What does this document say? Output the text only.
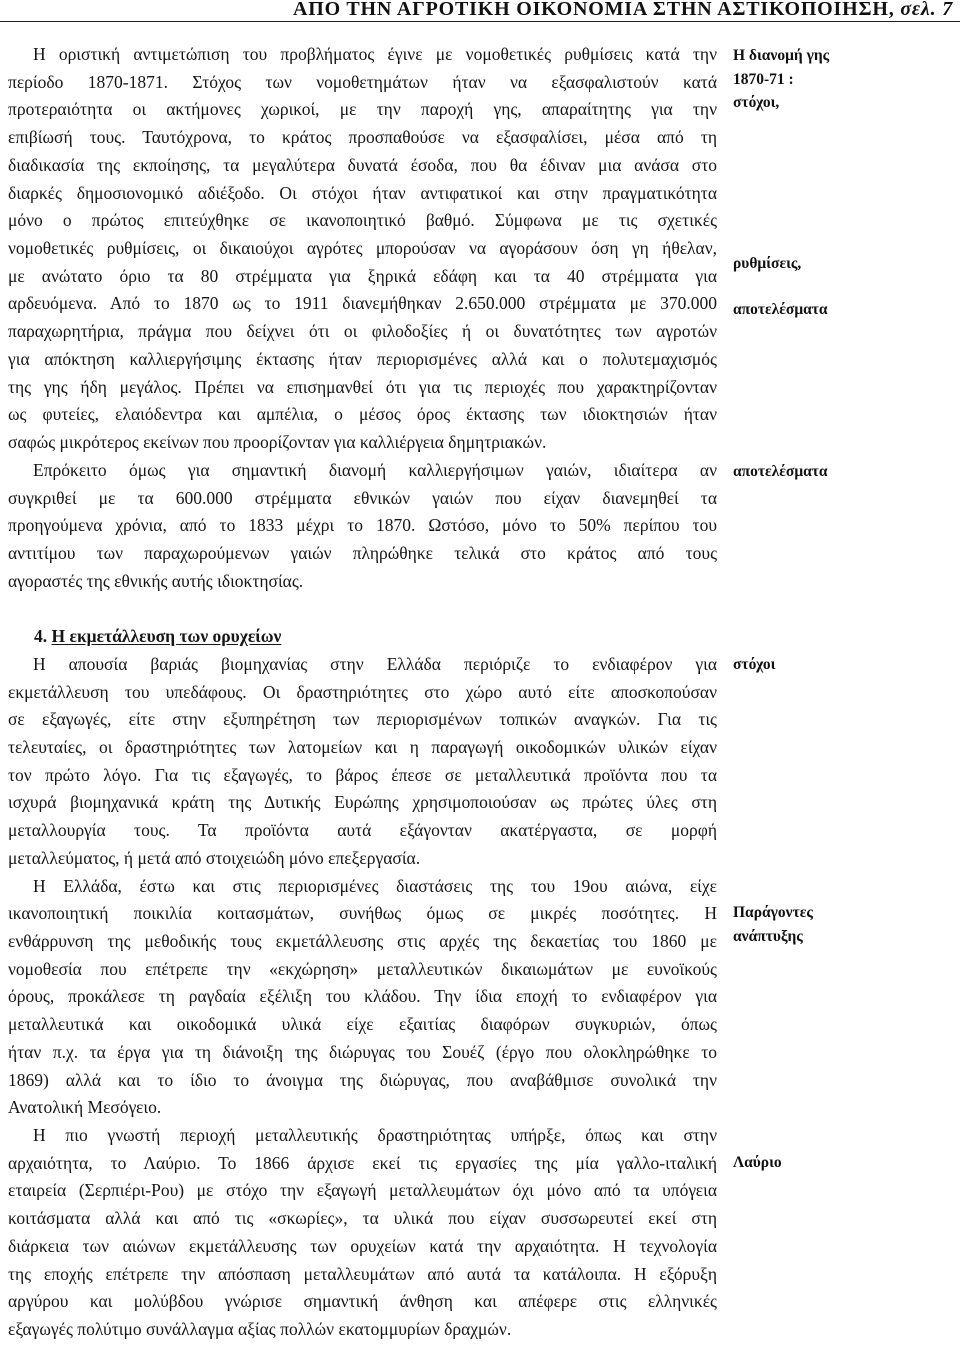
ΑΠΟ ΤΗΝ ΑΓΡΟΤΙΚΗ ΟΙΚΟΝΟΜΙΑ ΣΤΗΝ ΑΣΤΙΚΟΠΟΙΗΣΗ, σελ. 7
Η οριστική αντιμετώπιση του προβλήματος έγινε με νομοθετικές ρυθμίσεις κατά την
περίοδο 1870-1871. Στόχος των νομοθετημάτων ήταν να εξασφαλιστούν κατά
προτεραιότητα οι ακτήμονες χωρικοί, με την παροχή γης, απαραίτητης για την
επιβίωσή τους. Ταυτόχρονα, το κράτος προσπαθούσε να εξασφαλίσει, μέσα από τη
διαδικασία της εκποίησης, τα μεγαλύτερα δυνατά έσοδα, που θα έδιναν μια ανάσα στο
διαρκές δημοσιονομικό αδιέξοδο. Οι στόχοι ήταν αντιφατικοί και στην πραγματικότητα
μόνο ο πρώτος επιτεύχθηκε σε ικανοποιητικό βαθμό. Σύμφωνα με τις σχετικές
νομοθετικές ρυθμίσεις, οι δικαιούχοι αγρότες μπορούσαν να αγοράσουν όση γη ήθελαν,
με ανώτατο όριο τα 80 στρέμματα για ξηρικά εδάφη και τα 40 στρέμματα για
αρδευόμενα. Από το 1870 ως το 1911 διανεμήθηκαν 2.650.000 στρέμματα με 370.000
παραχωρητήρια, πράγμα που δείχνει ότι οι φιλοδοξίες ή οι δυνατότητες των αγροτών
για απόκτηση καλλιεργήσιμης έκτασης ήταν περιορισμένες αλλά και ο πολυτεμαχισμός
της γης ήδη μεγάλος. Πρέπει να επισημανθεί ότι για τις περιοχές που χαρακτηρίζονταν
ως φυτείες, ελαιόδεντρα και αμπέλια, ο μέσος όρος έκτασης των ιδιοκτησιών ήταν
σαφώς μικρότερος εκείνων που προορίζονταν για καλλιέργεια δημητριακών.
Επρόκειτο όμως για σημαντική διανομή καλλιεργήσιμων γαιών, ιδιαίτερα αν
συγκριθεί με τα 600.000 στρέμματα εθνικών γαιών που είχαν διανεμηθεί τα
προηγούμενα χρόνια, από το 1833 μέχρι το 1870. Ωστόσο, μόνο το 50% περίπου του
αντιτίμου των παραχωρούμενων γαιών πληρώθηκε τελικά στο κράτος από τους
αγοραστές της εθνικής αυτής ιδιοκτησίας.
4. Η εκμετάλλευση των ορυχείων
Η απουσία βαριάς βιομηχανίας στην Ελλάδα περιόριζε το ενδιαφέρον για
εκμετάλλευση του υπεδάφους. Οι δραστηριότητες στο χώρο αυτό είτε αποσκοπούσαν
σε εξαγωγές, είτε στην εξυπηρέτηση των περιορισμένων τοπικών αναγκών. Για τις
τελευταίες, οι δραστηριότητες των λατομείων και η παραγωγή οικοδομικών υλικών είχαν
τον πρώτο λόγο. Για τις εξαγωγές, το βάρος έπεσε σε μεταλλευτικά προϊόντα που τα
ισχυρά βιομηχανικά κράτη της Δυτικής Ευρώπης χρησιμοποιούσαν ως πρώτες ύλες στη
μεταλλουργία τους. Τα προϊόντα αυτά εξάγονταν ακατέργαστα, σε μορφή
μεταλλεύματος, ή μετά από στοιχειώδη μόνο επεξεργασία.
Η Ελλάδα, έστω και στις περιορισμένες διαστάσεις της του 19ου αιώνα, είχε
ικανοποιητική ποικιλία κοιτασμάτων, συνήθως όμως σε μικρές ποσότητες. Η
ενθάρρυνση της μεθοδικής τους εκμετάλλευσης στις αρχές της δεκαετίας του 1860 με
νομοθεσία που επέτρεπε την «εκχώρηση» μεταλλευτικών δικαιωμάτων με ευνοϊκούς
όρους, προκάλεσε τη ραγδαία εξέλιξη του κλάδου. Την ίδια εποχή το ενδιαφέρον για
μεταλλευτικά και οικοδομικά υλικά είχε εξαιτίας διαφόρων συγκυριών, όπως
ήταν π.χ. τα έργα για τη διάνοιξη της διώρυγας του Σουέζ (έργο που ολοκληρώθηκε το
1869) αλλά και το ίδιο το άνοιγμα της διώρυγας, που αναβάθμισε συνολικά την
Ανατολική Μεσόγειο.
Η πιο γνωστή περιοχή μεταλλευτικής δραστηριότητας υπήρξε, όπως και στην
αρχαιότητα, το Λαύριο. Το 1866 άρχισε εκεί τις εργασίες της μία γαλλο-ιταλική
εταιρεία (Σερπιέρι-Ρου) με στόχο την εξαγωγή μεταλλευμάτων όχι μόνο από τα υπόγεια
κοιτάσματα αλλά και από τις «σκωρίες», τα υλικά που είχαν συσσωρευτεί εκεί στη
διάρκεια των αιώνων εκμετάλλευσης των ορυχείων κατά την αρχαιότητα. Η τεχνολογία
της εποχής επέτρεπε την απόσπαση μεταλλευμάτων από αυτά τα κατάλοιπα. Η εξόρυξη
αργύρου και μολύβδου γνώρισε σημαντική άνθηση και απέφερε στις ελληνικές
εξαγωγές πολύτιμο συνάλλαγμα αξίας πολλών εκατομμυρίων δραχμών.
Η διανομή γης
1870-71 :
στόχοι,
ρυθμίσεις,
αποτελέσματα
αποτελέσματα
στόχοι
Παράγοντες
ανάπτυξης
Λαύριο
